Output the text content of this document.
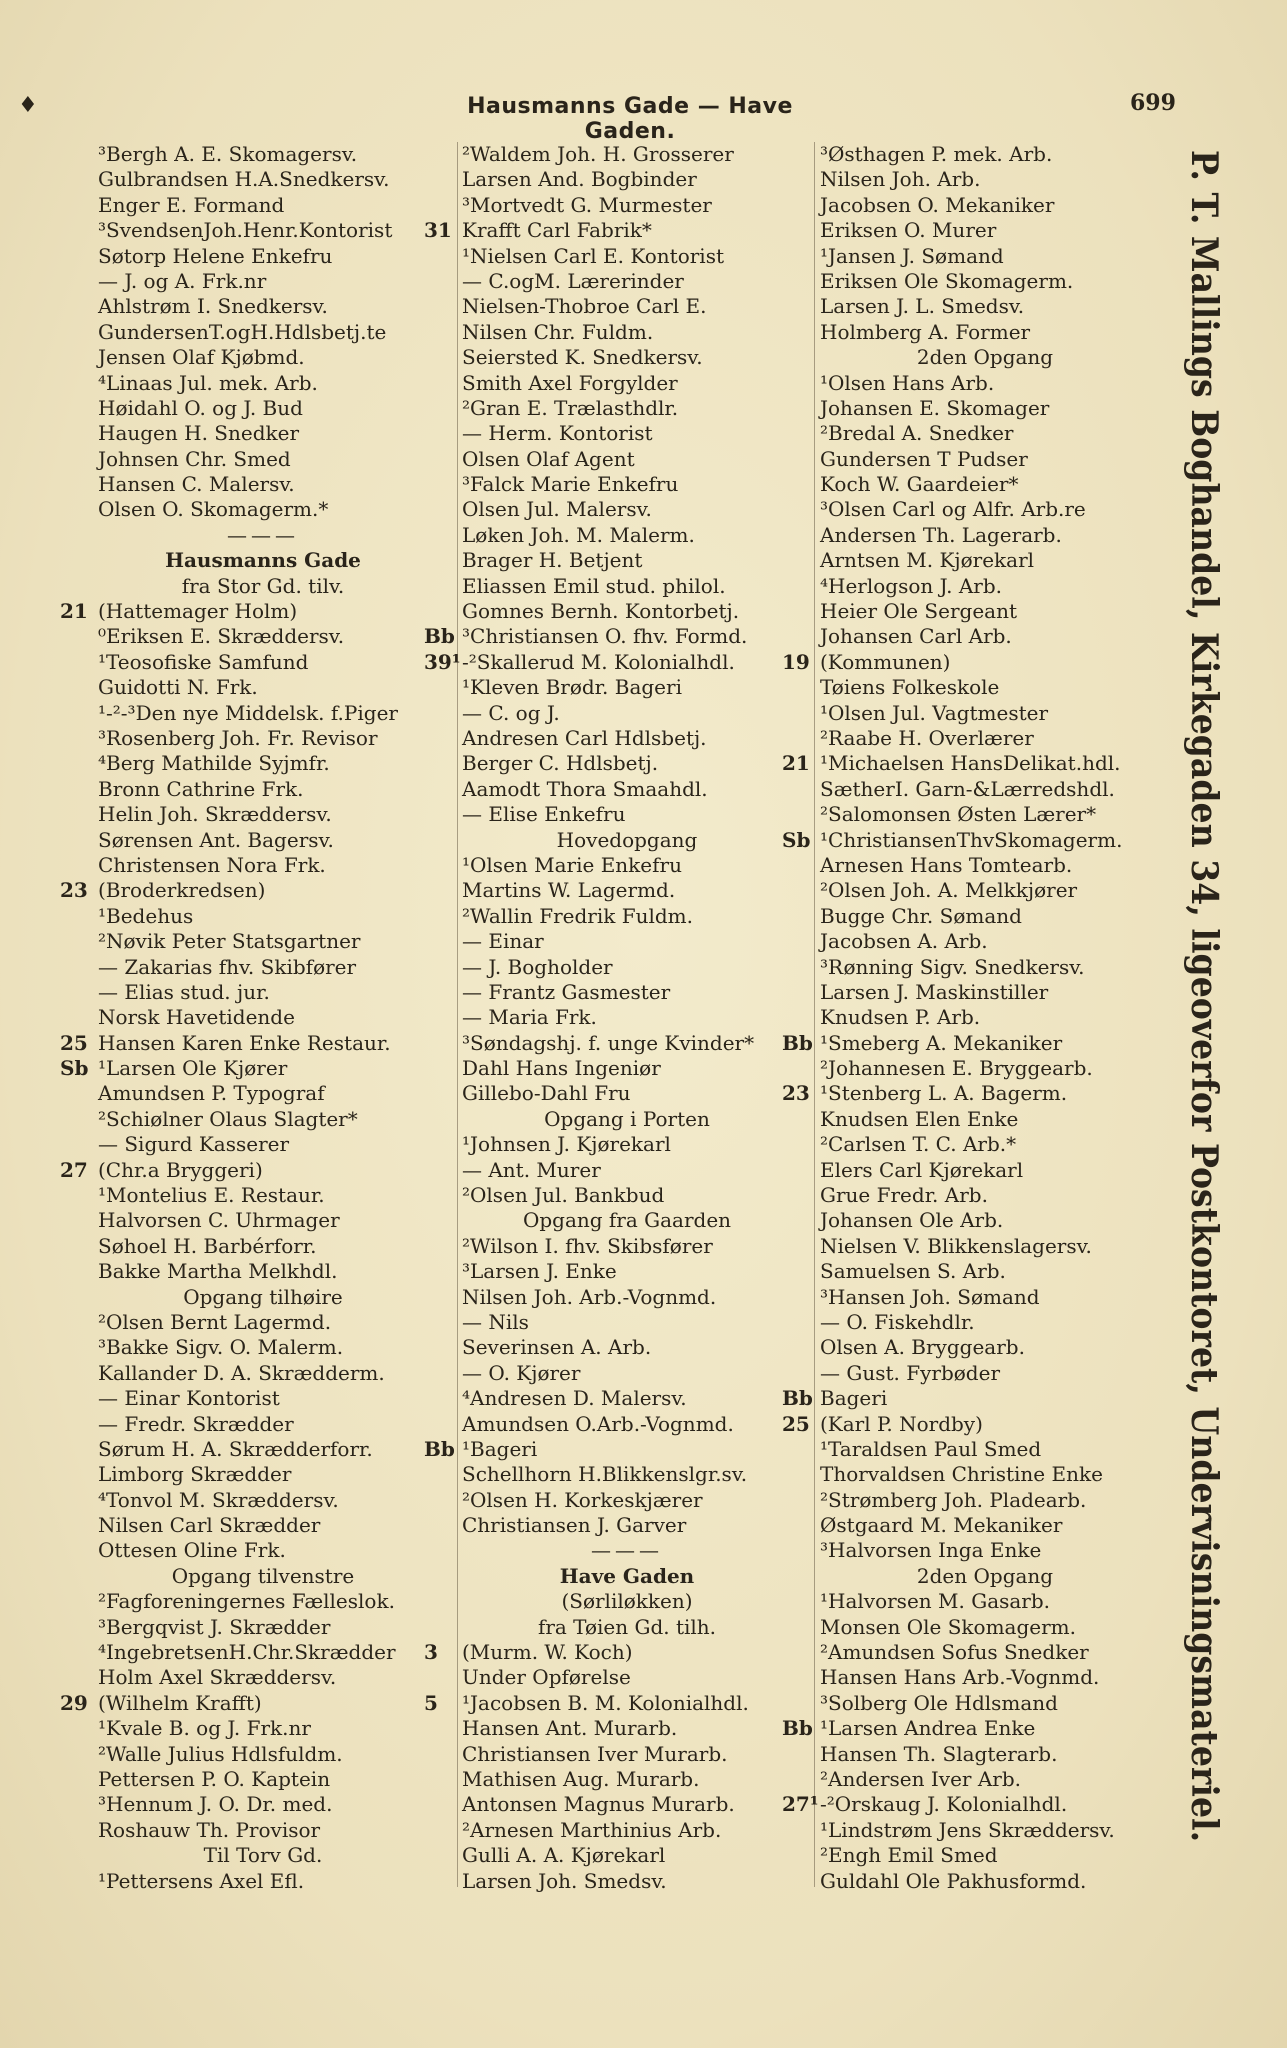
♦	Hausmanns Gade — Have Gaden.
699
³Bergh A. E. Skomagersv.
Gulbrandsen H.A.Snedkersv.
Enger E. Formand
³SvendsenJoh.Henr.Kontorist
Søtorp Helene Enkefru
— J. og A. Frk.nr
Ahlstrøm I. Snedkersv.
GundersenT.ogH.Hdlsbetj.te
Jensen Olaf Kjøbmd.
⁴Linaas Jul. mek. Arb.
Høidahl O. og J. Bud
Haugen H. Snedker
Johnsen Chr. Smed
Hansen C. Malersv.
Olsen O. Skomagerm.*
———
Hausmanns Gade
fra Stor Gd. tilv.
21 (Hattemager Holm)
⁰Eriksen E. Skræddersv.
¹Teosofiske Samfund
Guidotti N. Frk.
¹-²-³Den nye Middelsk. f.Piger
³Rosenberg Joh. Fr. Revisor
⁴Berg Mathilde Syjmfr.
Bronn Cathrine Frk.
Helin Joh. Skræddersv.
Sørensen Ant. Bagersv.
Christensen Nora Frk.
23 (Broderkredsen)
¹Bedehus
²Nøvik Peter Statsgartner
— Zakarias fhv. Skibfører
— Elias stud. jur.
Norsk Havetidende
25 Hansen Karen Enke Restaur.
Sb ¹Larsen Ole Kjører
Amundsen P. Typograf
²Schiølner Olaus Slagter*
— Sigurd Kasserer
27 (Chr.a Bryggeri)
¹Montelius E. Restaur.
Halvorsen C. Uhrmager
Søhoel H. Barbérforr.
Bakke Martha Melkhdl.
Opgang tilhøire
²Olsen Bernt Lagermd.
³Bakke Sigv. O. Malerm.
Kallander D. A. Skrædderm.
— Einar Kontorist
— Fredr. Skrædder
Sørum H. A. Skrædderforr.
Limborg Skrædder
⁴Tonvol M. Skræddersv.
Nilsen Carl Skrædder
Ottesen Oline Frk.
Opgang tilvenstre
²Fagforeningernes Fælleslok.
³Bergqvist J. Skrædder
⁴IngebretsenH.Chr.Skrædder
Holm Axel Skræddersv.
29 (Wilhelm Krafft)
¹Kvale B. og J. Frk.nr
²Walle Julius Hdlsfuldm.
Pettersen P. O. Kaptein
³Hennum J. O. Dr. med.
Roshauw Th. Provisor
Til Torv Gd.
¹Pettersens Axel Efl.
²Waldem Joh. H. Grosserer
Larsen And. Bogbinder
³Mortvedt G. Murmester
31 Krafft Carl Fabrik*
¹Nielsen Carl E. Kontorist
— C.ogM. Lærerinder
Nielsen-Thobroe Carl E.
Nilsen Chr. Fuldm.
Seiersted K. Snedkersv.
Smith Axel Forgylder
²Gran E. Trælasthdlr.
— Herm. Kontorist
Olsen Olaf Agent
³Falck Marie Enkefru
Olsen Jul. Malersv.
Løken Joh. M. Malerm.
Brager H. Betjent
Eliassen Emil stud. philol.
Gomnes Bernh. Kontorbetj.
Bb ³Christiansen O. fhv. Formd.
39¹ -²Skallerud M. Kolonialhdl.
¹Kleven Brødr. Bageri
— C. og J.
Andresen Carl Hdlsbetj.
Berger C. Hdlsbetj.
Aamodt Thora Smaahdl.
— Elise Enkefru
Hovedopgang
¹Olsen Marie Enkefru
Martins W. Lagermd.
²Wallin Fredrik Fuldm.
— Einar
— J. Bogholder
— Frantz Gasmester
— Maria Frk.
³Søndagshj. f. unge Kvinder*
Dahl Hans Ingeniør
Gillebo-Dahl Fru
Opgang i Porten
¹Johnsen J. Kjørekarl
— Ant. Murer
²Olsen Jul. Bankbud
Opgang fra Gaarden
²Wilson I. fhv. Skibsfører
³Larsen J. Enke
Nilsen Joh. Arb.-Vognmd.
— Nils
Severinsen A. Arb.
— O. Kjører
⁴Andresen D. Malersv.
Amundsen O.Arb.-Vognmd.
Bb ¹Bageri
Schellhorn H.Blikkenslgr.sv.
²Olsen H. Korkeskjærer
Christiansen J. Garver
———
Have Gaden
(Sørliløkken)
fra Tøien Gd. tilh.
3	(Murm. W. Koch)
Under Opførelse
5	¹Jacobsen B. M. Kolonialhdl.
Hansen Ant. Murarb.
Christiansen Iver Murarb.
Mathisen Aug. Murarb.
Antonsen Magnus Murarb.
²Arnesen Marthinius Arb.
Gulli A. A. Kjørekarl
Larsen Joh. Smedsv.
³Østhagen P. mek. Arb.
Nilsen Joh. Arb.
Jacobsen O. Mekaniker
Eriksen O. Murer
¹Jansen J. Sømand
Eriksen Ole Skomagerm.
Larsen J. L. Smedsv.
Holmberg A. Former
2den Opgang
¹Olsen Hans Arb.
Johansen E. Skomager
²Bredal A. Snedker
Gundersen T Pudser
Koch W. Gaardeier*
³Olsen Carl og Alfr. Arb.re
Andersen Th. Lagerarb.
Arntsen M. Kjørekarl
⁴Herlogson J. Arb.
Heier Ole Sergeant
Johansen Carl Arb.
19 (Kommunen)
Tøiens Folkeskole
¹Olsen Jul. Vagtmester
²Raabe H. Overlærer
21 ¹Michaelsen HansDelikat.hdl.
SætherI. Garn-&Lærredshdl.
²Salomonsen Østen Lærer*
Sb ¹ChristiansenThvSkomagerm.
Arnesen Hans Tomtearb.
²Olsen Joh. A. Melkkjører
Bugge Chr. Sømand
Jacobsen A. Arb.
³Rønning Sigv. Snedkersv.
Larsen J. Maskinstiller
Knudsen P. Arb.
Bb ¹Smeberg A. Mekaniker
²Johannesen E. Bryggearb.
23 ¹Stenberg L. A. Bagerm.
Knudsen Elen Enke
²Carlsen T. C. Arb.*
Elers Carl Kjørekarl
Grue Fredr. Arb.
Johansen Ole Arb.
Nielsen V. Blikkenslagersv.
Samuelsen S. Arb.
³Hansen Joh. Sømand
— O. Fiskehdlr.
Olsen A. Bryggearb.
— Gust. Fyrbøder
Bb Bageri
25 (Karl P. Nordby)
¹Taraldsen Paul Smed
Thorvaldsen Christine Enke
²Strømberg Joh. Pladearb.
Østgaard M. Mekaniker
³Halvorsen Inga Enke
2den Opgang
¹Halvorsen M. Gasarb.
Monsen Ole Skomagerm.
²Amundsen Sofus Snedker
Hansen Hans Arb.-Vognmd.
³Solberg Ole Hdlsmand
Bb ¹Larsen Andrea Enke
Hansen Th. Slagterarb.
²Andersen Iver Arb.
27¹ -²Orskaug J. Kolonialhdl.
¹Lindstrøm Jens Skræddersv.
²Engh Emil Smed
Guldahl Ole Pakhusformd.
P. T. Mallings Boghandel, Kirkegaden 34, ligeoverfor Postkontoret, Undervisningsmateriel.
